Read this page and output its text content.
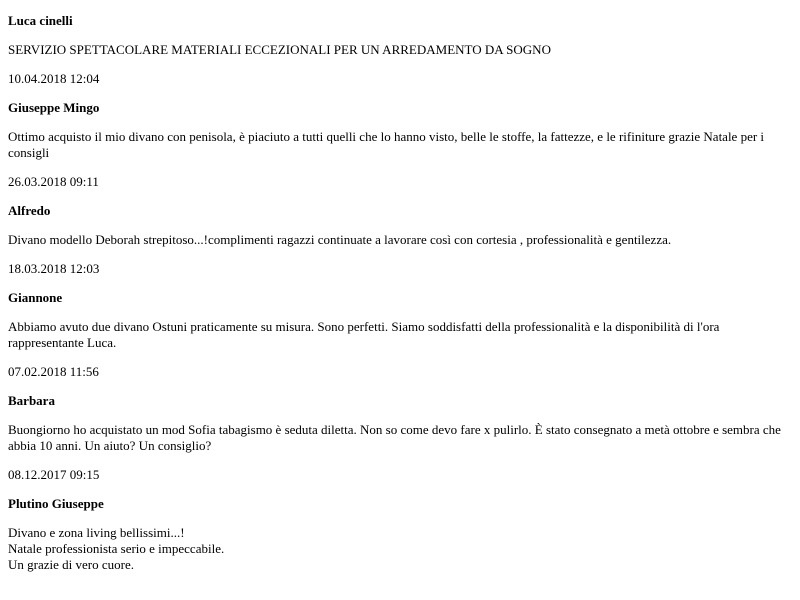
Luca cinelli
SERVIZIO SPETTACOLARE MATERIALI ECCEZIONALI PER UN ARREDAMENTO DA SOGNO
10.04.2018 12:04
Giuseppe Mingo
Ottimo acquisto il mio divano con penisola, è piaciuto a tutti quelli che lo hanno visto, belle le stoffe, la fattezze, e le rifiniture grazie Natale per i consigli
26.03.2018 09:11
Alfredo
Divano modello Deborah strepitoso...!complimenti ragazzi continuate a lavorare così con cortesia , professionalità e gentilezza.
18.03.2018 12:03
Giannone
Abbiamo avuto due divano Ostuni praticamente su misura. Sono perfetti. Siamo soddisfatti della professionalità e la disponibilità di l'ora rappresentante Luca.
07.02.2018 11:56
Barbara
Buongiorno ho acquistato un mod Sofia tabagismo è seduta diletta. Non so come devo fare x pulirlo. È stato consegnato a metà ottobre e sembra che abbia 10 anni. Un aiuto? Un consiglio?
08.12.2017 09:15
Plutino Giuseppe
Divano e zona living bellissimi...!
Natale professionista serio e impeccabile.
Un grazie di vero cuore.
